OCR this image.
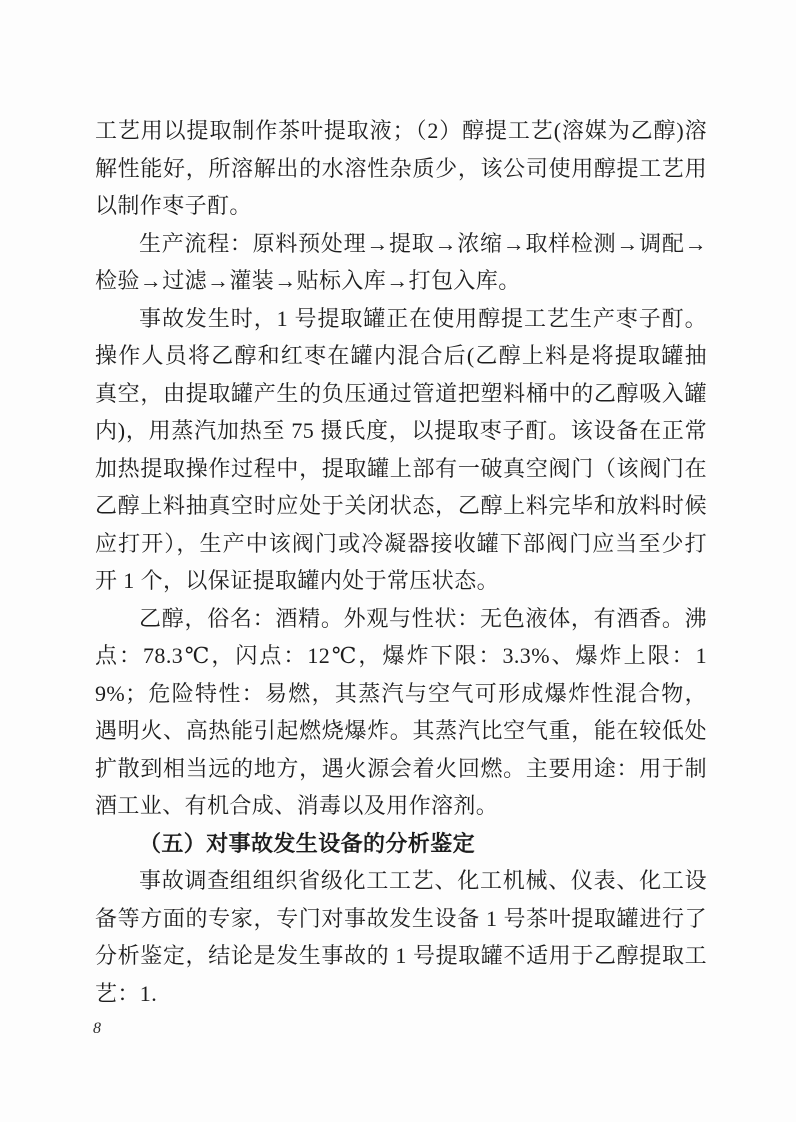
工艺用以提取制作茶叶提取液；（2）醇提工艺(溶媒为乙醇)溶解性能好，所溶解出的水溶性杂质少，该公司使用醇提工艺用以制作枣子酊。

生产流程：原料预处理→提取→浓缩→取样检测→调配→检验→过滤→灌装→贴标入库→打包入库。

事故发生时，1 号提取罐正在使用醇提工艺生产枣子酊。操作人员将乙醇和红枣在罐内混合后(乙醇上料是将提取罐抽真空，由提取罐产生的负压通过管道把塑料桶中的乙醇吸入罐内)，用蒸汽加热至 75 摄氏度，以提取枣子酊。该设备在正常加热提取操作过程中，提取罐上部有一破真空阀门（该阀门在乙醇上料抽真空时应处于关闭状态，乙醇上料完毕和放料时候应打开），生产中该阀门或冷凝器接收罐下部阀门应当至少打开 1 个，以保证提取罐内处于常压状态。

乙醇，俗名：酒精。外观与性状：无色液体，有酒香。沸点：78.3℃，闪点：12℃，爆炸下限：3.3%、爆炸上限：19%；危险特性：易燃，其蒸汽与空气可形成爆炸性混合物，遇明火、高热能引起燃烧爆炸。其蒸汽比空气重，能在较低处扩散到相当远的地方，遇火源会着火回燃。主要用途：用于制酒工业、有机合成、消毒以及用作溶剂。

（五）对事故发生设备的分析鉴定

事故调查组组织省级化工工艺、化工机械、仪表、化工设备等方面的专家，专门对事故发生设备 1 号茶叶提取罐进行了分析鉴定，结论是发生事故的 1 号提取罐不适用于乙醇提取工艺：1.

8
